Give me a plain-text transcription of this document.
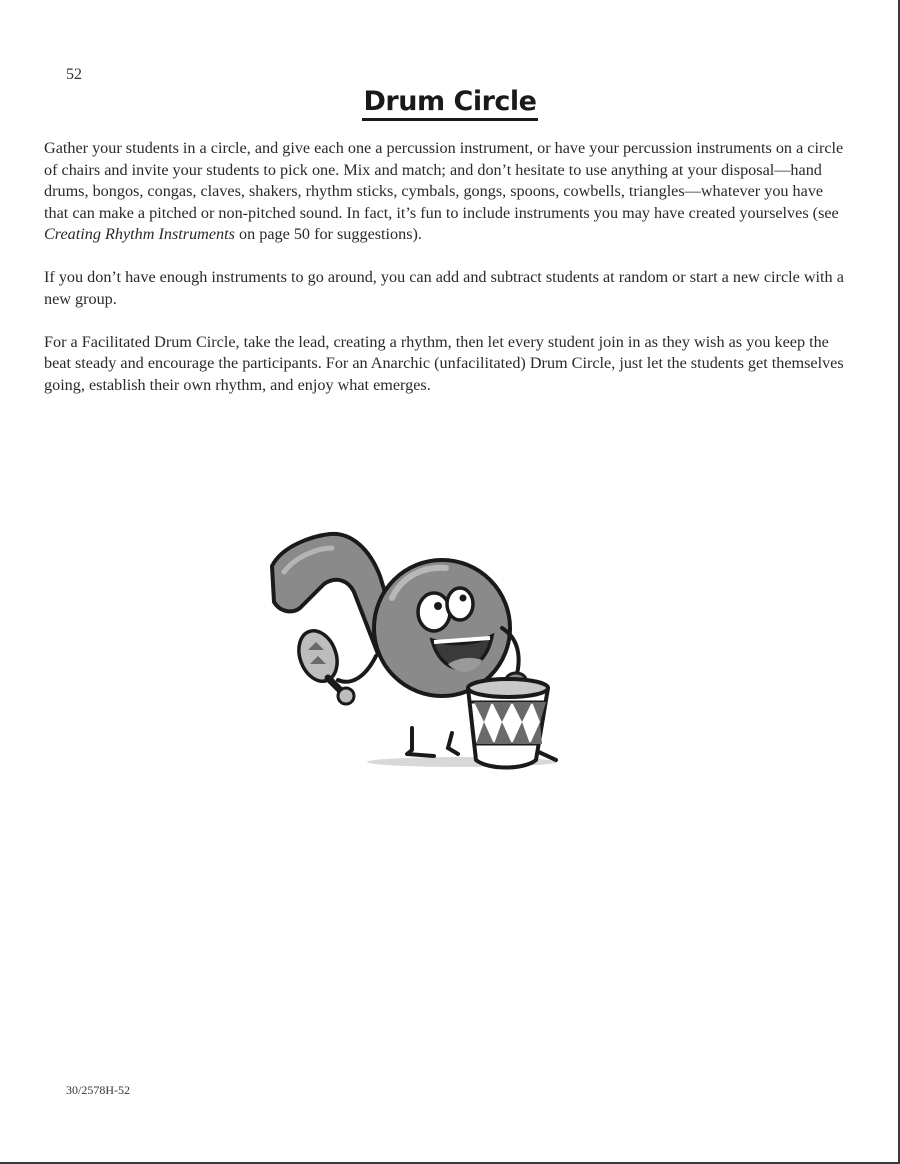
52
Drum Circle

Gather your students in a circle, and give each one a percussion instrument, or have your percussion instruments on a circle of chairs and invite your students to pick one. Mix and match; and don’t hesitate to use anything at your disposal—hand drums, bongos, congas, claves, shakers, rhythm sticks, cymbals, gongs, spoons, cowbells, triangles—whatever you have that can make a pitched or non-pitched sound. In fact, it’s fun to include instruments you may have created yourselves (see Creating Rhythm Instruments on page 50 for suggestions).

If you don’t have enough instruments to go around, you can add and subtract students at random or start a new circle with a new group.

For a Facilitated Drum Circle, take the lead, creating a rhythm, then let every student join in as they wish as you keep the beat steady and encourage the participants. For an Anarchic (unfacilitated) Drum Circle, just let the students get themselves going, establish their own rhythm, and enjoy what emerges.

30/2578H-52
